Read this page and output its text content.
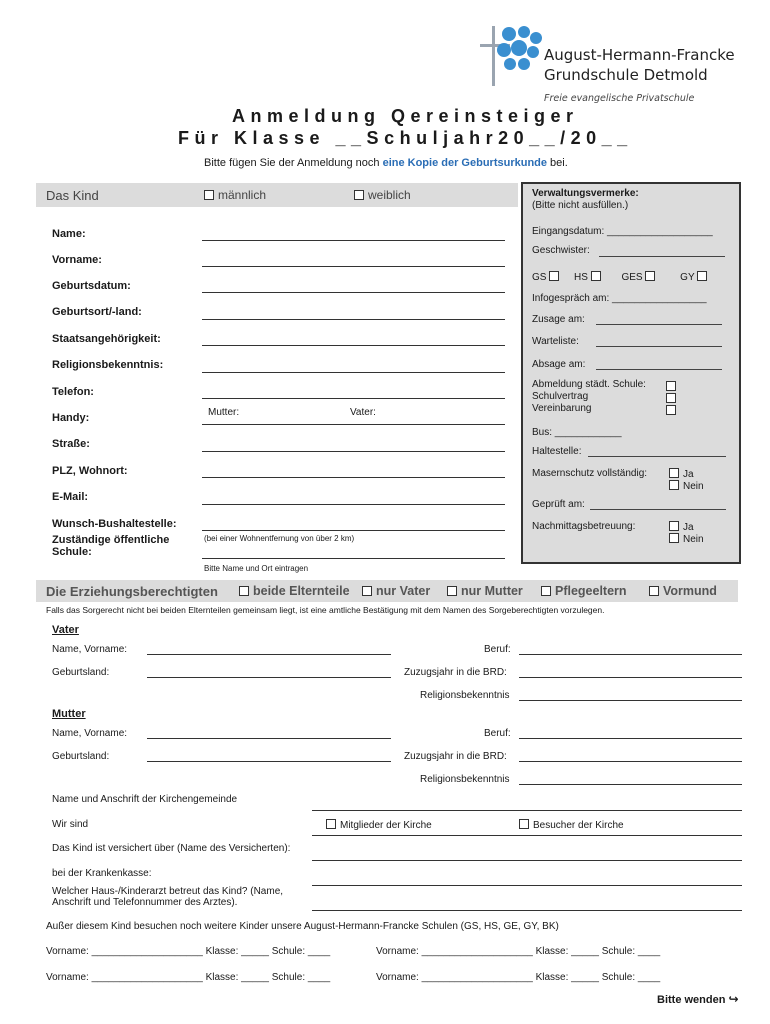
August-Hermann-Francke
Grundschule Detmold
Freie evangelische Privatschule
Anmeldung Qereinsteiger
Für Klasse __Schuljahr20__/20__
Bitte fügen Sie der Anmeldung noch eine Kopie der Geburtsurkunde bei.
Das Kind	männlich	weiblich
Name:
Vorname:
Geburtsdatum:
Geburtsort/-land:
Staatsangehörigkeit:
Religionsbekenntnis:
Telefon:
Handy:	Mutter:	Vater:
Straße:
PLZ, Wohnort:
E-Mail:
Wunsch-Bushaltestelle:
(bei einer Wohnentfernung von über 2 km)
Zuständige öffentliche Schule:
Bitte Name und Ort eintragen
Verwaltungsvermerke:
(Bitte nicht ausfüllen.)
Eingangsdatum: ___________________
Geschwister:
GS	HS	GES	GY
Infogespräch am: _________________
Zusage am:
Warteliste:
Absage am:
Abmeldung städt. Schule:
Schulvertrag
Vereinbarung
Bus: ____________
Haltestelle:
Masernschutz vollständig:	Ja
Nein
Geprüft am:
Nachmittagsbetreuung:	Ja
Nein
Die Erziehungsberechtigten	beide Elternteile	nur Vater	nur Mutter	Pflegeeltern	Vormund
Falls das Sorgerecht nicht bei beiden Elternteilen gemeinsam liegt, ist eine amtliche Bestätigung mit dem Namen des Sorgeberechtigten vorzulegen.
Vater
Name, Vorname:	Beruf:
Geburtsland:	Zuzugsjahr in die BRD:
Religionsbekenntnis
Mutter
Name, Vorname:	Beruf:
Geburtsland:	Zuzugsjahr in die BRD:
Religionsbekenntnis
Name und Anschrift der Kirchengemeinde
Wir sind	Mitglieder der Kirche	Besucher der Kirche
Das Kind ist versichert über (Name des Versicherten):
bei der Krankenkasse:
Welcher Haus-/Kinderarzt betreut das Kind? (Name, Anschrift und Telefonnummer des Arztes).
Außer diesem Kind besuchen noch weitere Kinder unsere August-Hermann-Francke Schulen (GS, HS, GE, GY, BK)
Vorname: ____________________ Klasse: _____ Schule: ____	Vorname: ____________________ Klasse: _____ Schule: ____
Vorname: ____________________ Klasse: _____ Schule: ____	Vorname: ____________________ Klasse: _____ Schule: ____
Bitte wenden ↪
